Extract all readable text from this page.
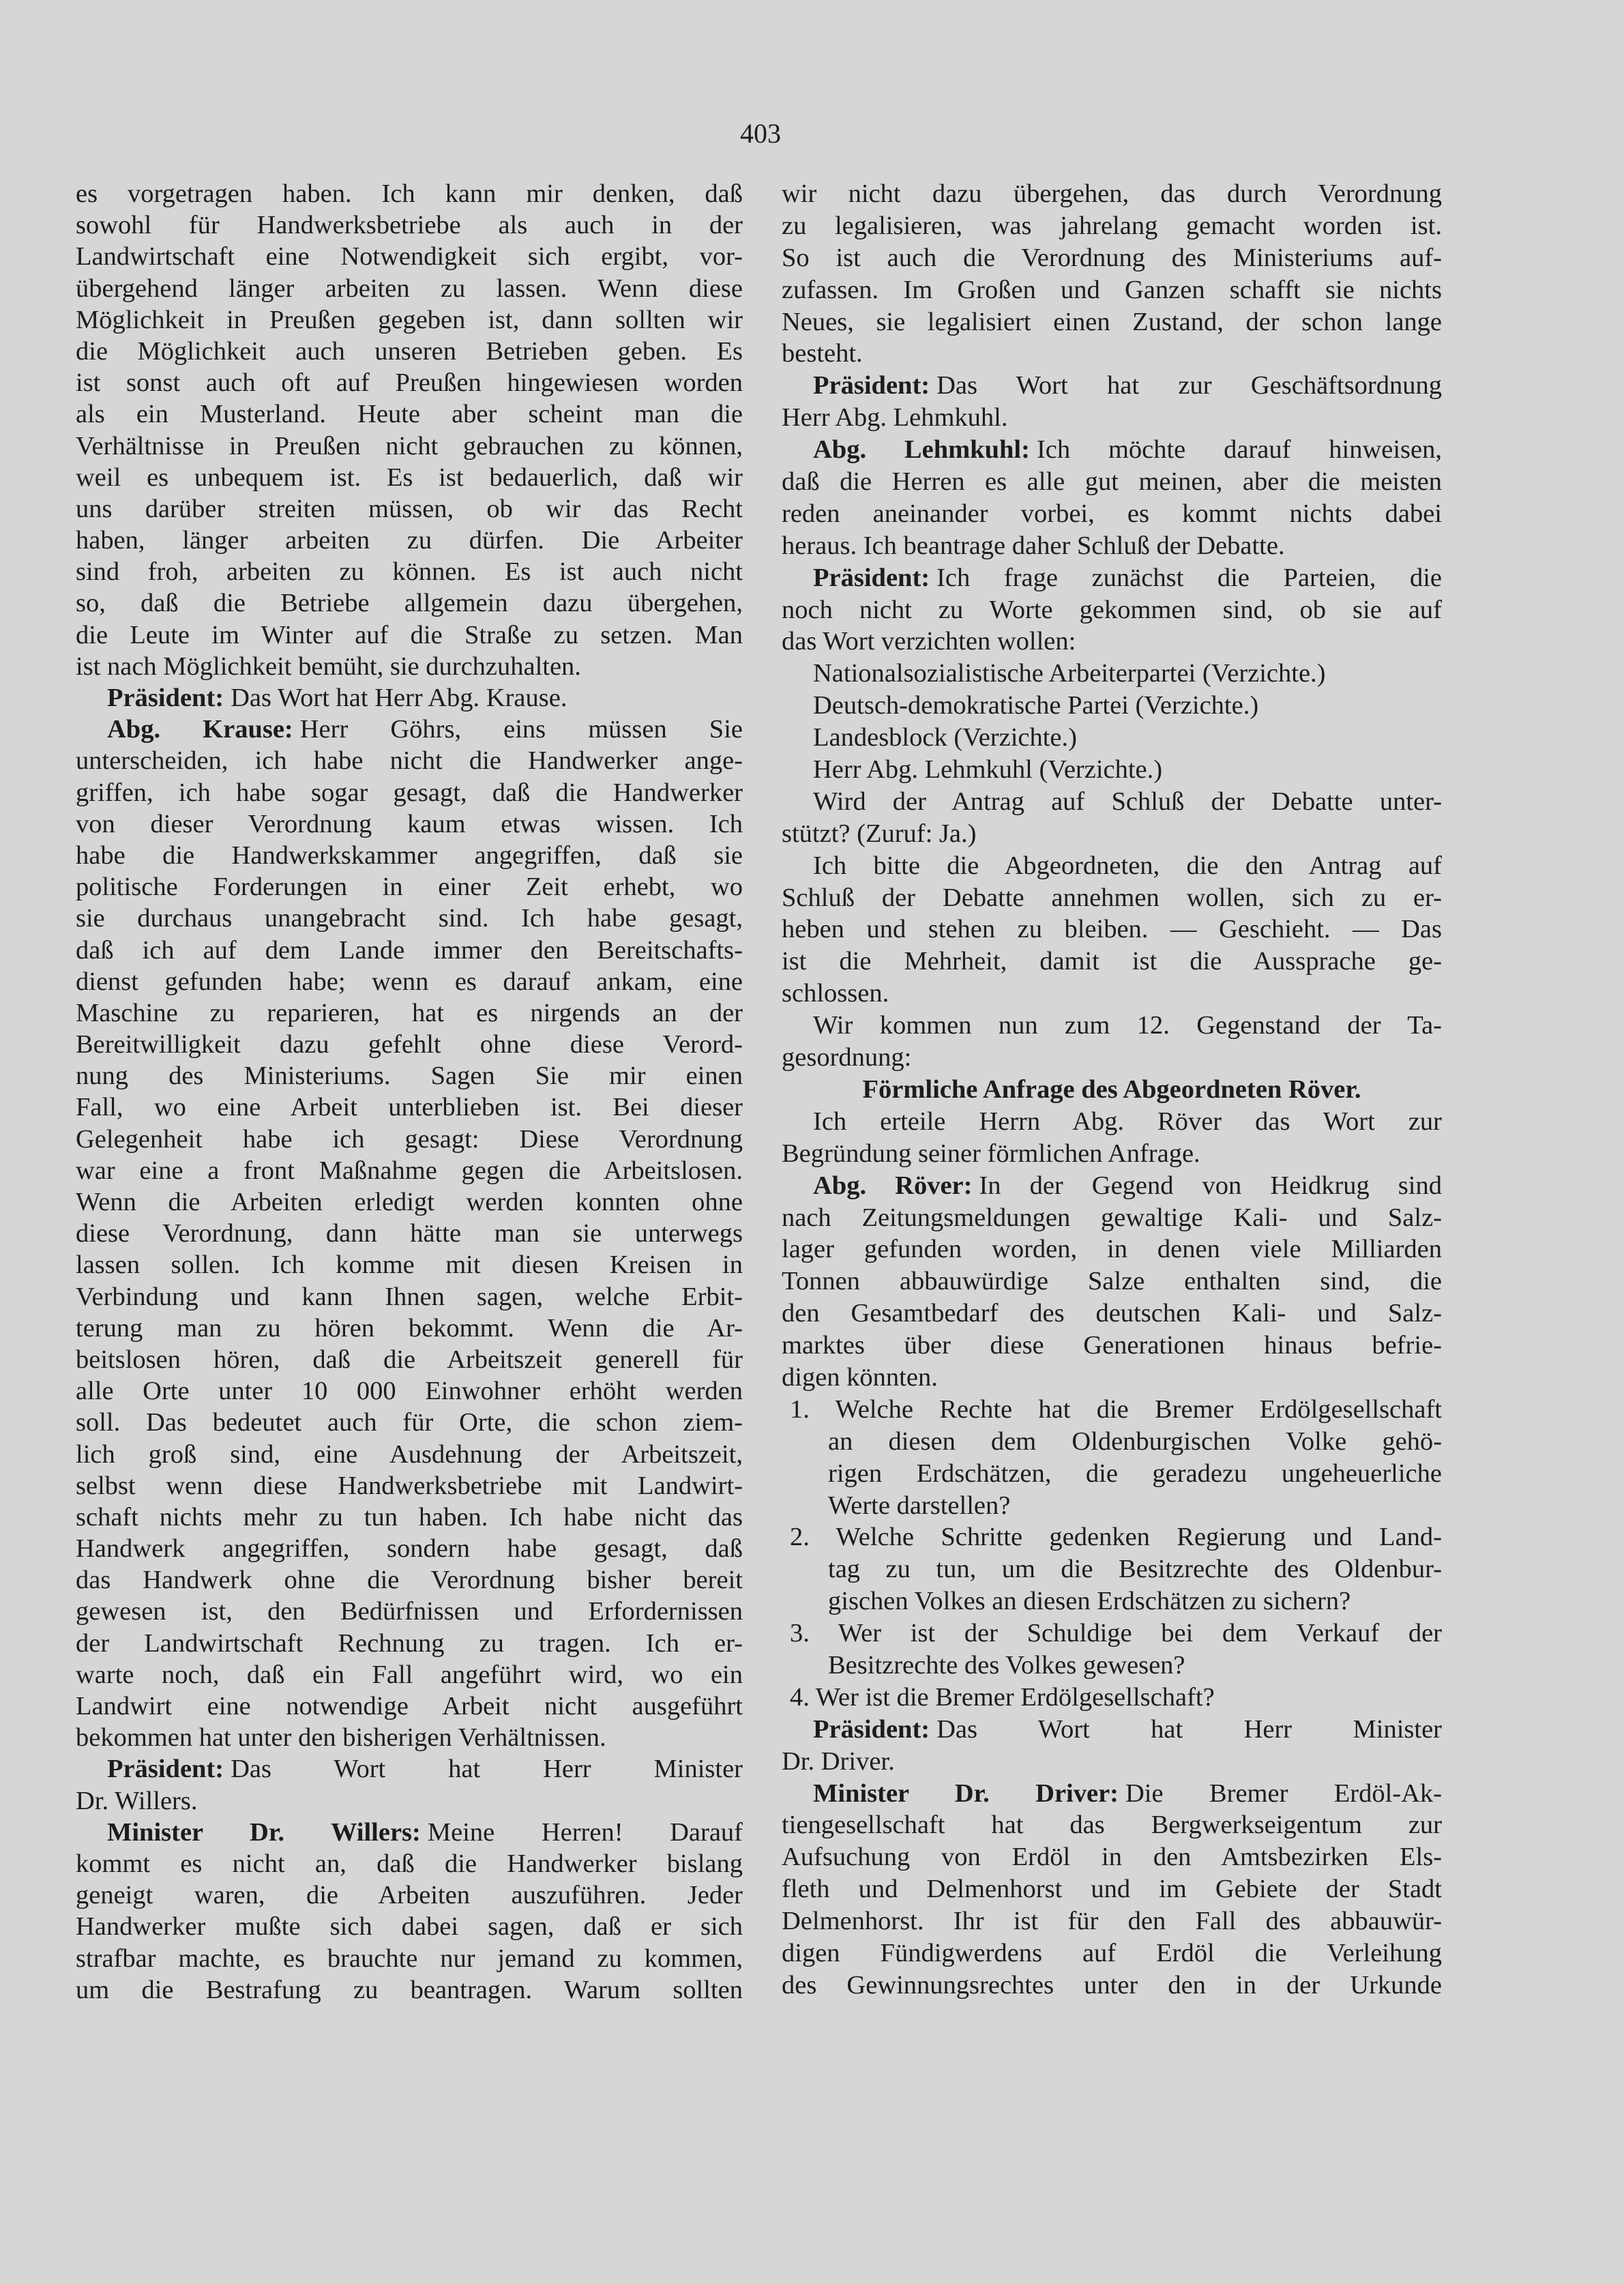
403
es vorgetragen haben. Ich kann mir denken, daß
sowohl für Handwerksbetriebe als auch in der
Landwirtschaft eine Notwendigkeit sich ergibt, vor-
übergehend länger arbeiten zu lassen. Wenn diese
Möglichkeit in Preußen gegeben ist, dann sollten wir
die Möglichkeit auch unseren Betrieben geben. Es
ist sonst auch oft auf Preußen hingewiesen worden
als ein Musterland. Heute aber scheint man die
Verhältnisse in Preußen nicht gebrauchen zu können,
weil es unbequem ist. Es ist bedauerlich, daß wir
uns darüber streiten müssen, ob wir das Recht
haben, länger arbeiten zu dürfen. Die Arbeiter
sind froh, arbeiten zu können. Es ist auch nicht
so, daß die Betriebe allgemein dazu übergehen,
die Leute im Winter auf die Straße zu setzen. Man
ist nach Möglichkeit bemüht, sie durchzuhalten.
Präsident: Das Wort hat Herr Abg. Krause.
Abg. Krause: Herr Göhrs, eins müssen Sie
unterscheiden, ich habe nicht die Handwerker ange-
griffen, ich habe sogar gesagt, daß die Handwerker
von dieser Verordnung kaum etwas wissen. Ich
habe die Handwerkskammer angegriffen, daß sie
politische Forderungen in einer Zeit erhebt, wo
sie durchaus unangebracht sind. Ich habe gesagt,
daß ich auf dem Lande immer den Bereitschafts-
dienst gefunden habe; wenn es darauf ankam, eine
Maschine zu reparieren, hat es nirgends an der
Bereitwilligkeit dazu gefehlt ohne diese Verord-
nung des Ministeriums. Sagen Sie mir einen
Fall, wo eine Arbeit unterblieben ist. Bei dieser
Gelegenheit habe ich gesagt: Diese Verordnung
war eine a front Maßnahme gegen die Arbeitslosen.
Wenn die Arbeiten erledigt werden konnten ohne
diese Verordnung, dann hätte man sie unterwegs
lassen sollen. Ich komme mit diesen Kreisen in
Verbindung und kann Ihnen sagen, welche Erbit-
terung man zu hören bekommt. Wenn die Ar-
beitslosen hören, daß die Arbeitszeit generell für
alle Orte unter 10 000 Einwohner erhöht werden
soll. Das bedeutet auch für Orte, die schon ziem-
lich groß sind, eine Ausdehnung der Arbeitszeit,
selbst wenn diese Handwerksbetriebe mit Landwirt-
schaft nichts mehr zu tun haben. Ich habe nicht das
Handwerk angegriffen, sondern habe gesagt, daß
das Handwerk ohne die Verordnung bisher bereit
gewesen ist, den Bedürfnissen und Erfordernissen
der Landwirtschaft Rechnung zu tragen. Ich er-
warte noch, daß ein Fall angeführt wird, wo ein
Landwirt eine notwendige Arbeit nicht ausgeführt
bekommen hat unter den bisherigen Verhältnissen.
Präsident: Das Wort hat Herr Minister
Dr. Willers.
Minister Dr. Willers: Meine Herren! Darauf
kommt es nicht an, daß die Handwerker bislang
geneigt waren, die Arbeiten auszuführen. Jeder
Handwerker mußte sich dabei sagen, daß er sich
strafbar machte, es brauchte nur jemand zu kommen,
um die Bestrafung zu beantragen. Warum sollten
wir nicht dazu übergehen, das durch Verordnung
zu legalisieren, was jahrelang gemacht worden ist.
So ist auch die Verordnung des Ministeriums auf-
zufassen. Im Großen und Ganzen schafft sie nichts
Neues, sie legalisiert einen Zustand, der schon lange
besteht.
Präsident: Das Wort hat zur Geschäftsordnung
Herr Abg. Lehmkuhl.
Abg. Lehmkuhl: Ich möchte darauf hinweisen,
daß die Herren es alle gut meinen, aber die meisten
reden aneinander vorbei, es kommt nichts dabei
heraus. Ich beantrage daher Schluß der Debatte.
Präsident: Ich frage zunächst die Parteien, die
noch nicht zu Worte gekommen sind, ob sie auf
das Wort verzichten wollen:
Nationalsozialistische Arbeiterpartei (Verzichte.)
Deutsch-demokratische Partei (Verzichte.)
Landesblock (Verzichte.)
Herr Abg. Lehmkuhl (Verzichte.)
Wird der Antrag auf Schluß der Debatte unter-
stützt? (Zuruf: Ja.)
Ich bitte die Abgeordneten, die den Antrag auf
Schluß der Debatte annehmen wollen, sich zu er-
heben und stehen zu bleiben. — Geschieht. — Das
ist die Mehrheit, damit ist die Aussprache ge-
schlossen.
Wir kommen nun zum 12. Gegenstand der Ta-
gesordnung:
Förmliche Anfrage des Abgeordneten Röver.
Ich erteile Herrn Abg. Röver das Wort zur
Begründung seiner förmlichen Anfrage.
Abg. Röver: In der Gegend von Heidkrug sind
nach Zeitungsmeldungen gewaltige Kali- und Salz-
lager gefunden worden, in denen viele Milliarden
Tonnen abbauwürdige Salze enthalten sind, die
den Gesamtbedarf des deutschen Kali- und Salz-
marktes über diese Generationen hinaus befrie-
digen könnten.
1. Welche Rechte hat die Bremer Erdölgesellschaft
an diesen dem Oldenburgischen Volke gehö-
rigen Erdschätzen, die geradezu ungeheuerliche
Werte darstellen?
2. Welche Schritte gedenken Regierung und Land-
tag zu tun, um die Besitzrechte des Oldenbur-
gischen Volkes an diesen Erdschätzen zu sichern?
3. Wer ist der Schuldige bei dem Verkauf der
Besitzrechte des Volkes gewesen?
4. Wer ist die Bremer Erdölgesellschaft?
Präsident: Das Wort hat Herr Minister
Dr. Driver.
Minister Dr. Driver: Die Bremer Erdöl-Ak-
tiengesellschaft hat das Bergwerkseigentum zur
Aufsuchung von Erdöl in den Amtsbezirken Els-
fleth und Delmenhorst und im Gebiete der Stadt
Delmenhorst. Ihr ist für den Fall des abbauwür-
digen Fündigwerdens auf Erdöl die Verleihung
des Gewinnungsrechtes unter den in der Urkunde
